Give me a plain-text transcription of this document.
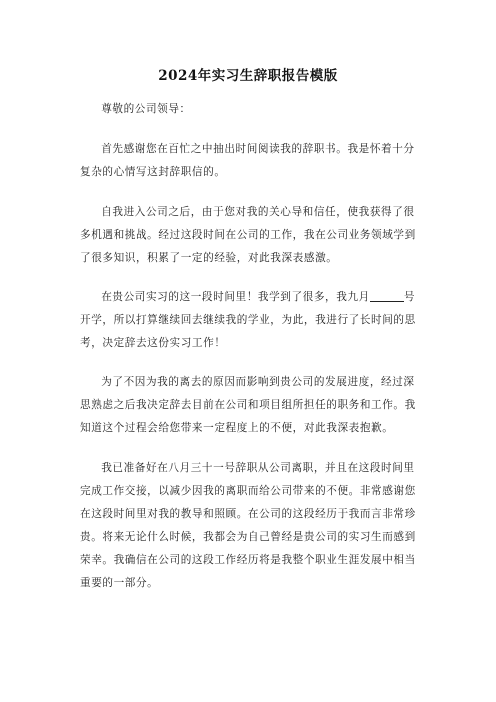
2024年实习生辞职报告模版

尊敬的公司领导：

首先感谢您在百忙之中抽出时间阅读我的辞职书。我是怀着十分复杂的心情写这封辞职信的。

自我进入公司之后，由于您对我的关心导和信任，使我获得了很多机遇和挑战。经过这段时间在公司的工作，我在公司业务领域学到了很多知识，积累了一定的经验，对此我深表感激。

在贵公司实习的这一段时间里！我学到了很多，我九月	号开学，所以打算继续回去继续我的学业，为此，我进行了长时间的思考，决定辞去这份实习工作！

为了不因为我的离去的原因而影响到贵公司的发展进度，经过深思熟虑之后我决定辞去目前在公司和项目组所担任的职务和工作。我知道这个过程会给您带来一定程度上的不便，对此我深表抱歉。

我已准备好在八月三十一号辞职从公司离职，并且在这段时间里完成工作交接，以减少因我的离职而给公司带来的不便。非常感谢您在这段时间里对我的教导和照顾。在公司的这段经历于我而言非常珍贵。将来无论什么时候，我都会为自己曾经是贵公司的实习生而感到荣幸。我确信在公司的这段工作经历将是我整个职业生涯发展中相当重要的一部分。
